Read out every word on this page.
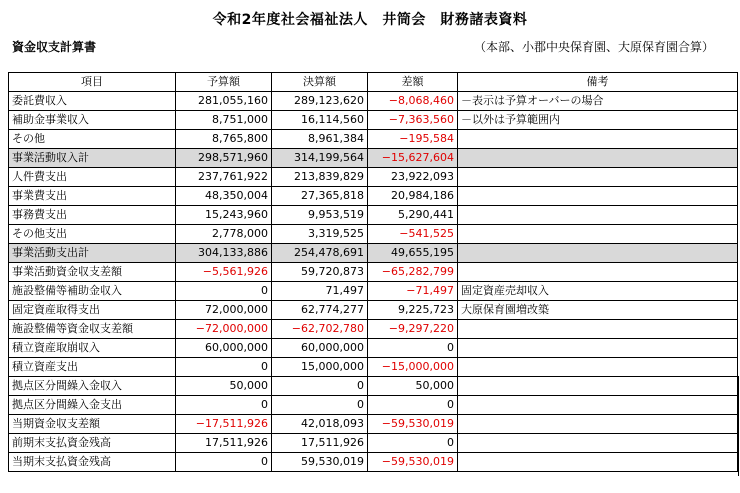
令和2年度社会福祉法人　井筒会　財務諸表資料
資金収支計算書	（本部、小郡中央保育園、大原保育園合算）
項目	予算額	決算額	差額	備考
委託費収入	281,055,160	289,123,620	−8,068,460	－表示は予算オーバーの場合
補助金事業収入	8,751,000	16,114,560	−7,363,560	－以外は予算範囲内
その他	8,765,800	8,961,384	−195,584	
事業活動収入計	298,571,960	314,199,564	−15,627,604	
人件費支出	237,761,922	213,839,829	23,922,093	
事業費支出	48,350,004	27,365,818	20,984,186	
事務費支出	15,243,960	9,953,519	5,290,441	
その他支出	2,778,000	3,319,525	−541,525	
事業活動支出計	304,133,886	254,478,691	49,655,195	
事業活動資金収支差額	−5,561,926	59,720,873	−65,282,799	
施設整備等補助金収入	0	71,497	−71,497	固定資産売却収入
固定資産取得支出	72,000,000	62,774,277	9,225,723	大原保育園増改築
施設整備等資金収支差額	−72,000,000	−62,702,780	−9,297,220	
積立資産取崩収入	60,000,000	60,000,000	0	
積立資産支出	0	15,000,000	−15,000,000	
拠点区分間繰入金収入	50,000	0	50,000	
拠点区分間繰入金支出	0	0	0	
当期資金収支差額	−17,511,926	42,018,093	−59,530,019	
前期末支払資金残高	17,511,926	17,511,926	0	
当期末支払資金残高	0	59,530,019	−59,530,019	
